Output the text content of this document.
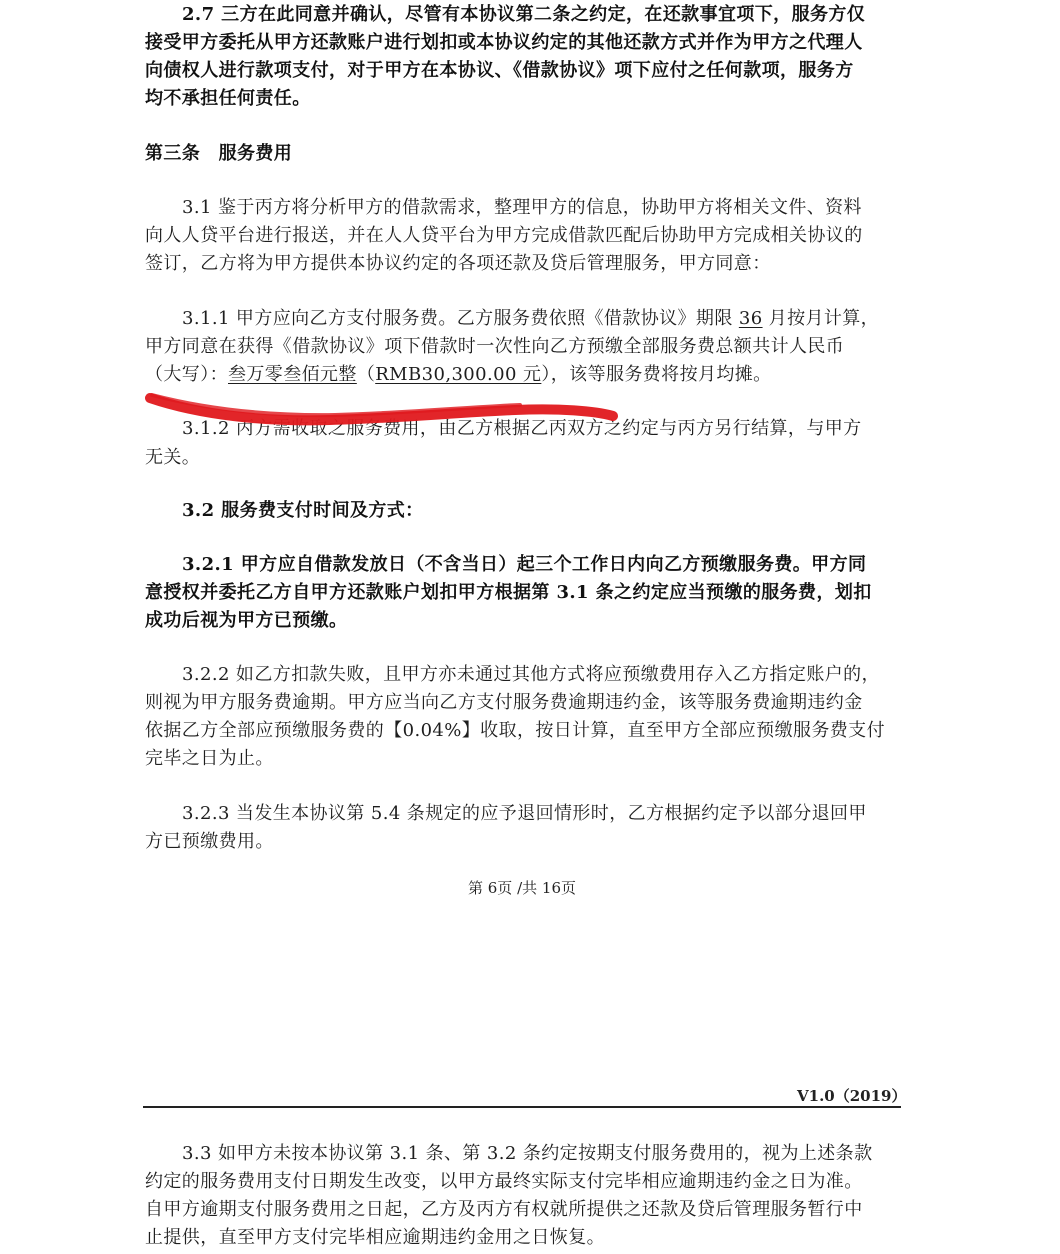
2.7 三方在此同意并确认，尽管有本协议第二条之约定，在还款事宜项下，服务方仅
接受甲方委托从甲方还款账户进行划扣或本协议约定的其他还款方式并作为甲方之代理人
向债权人进行款项支付，对于甲方在本协议、《借款协议》项下应付之任何款项，服务方
均不承担任何责任。
第三条　服务费用
3.1 鉴于丙方将分析甲方的借款需求，整理甲方的信息，协助甲方将相关文件、资料
向人人贷平台进行报送，并在人人贷平台为甲方完成借款匹配后协助甲方完成相关协议的
签订，乙方将为甲方提供本协议约定的各项还款及贷后管理服务，甲方同意：
3.1.1 甲方应向乙方支付服务费。乙方服务费依照《借款协议》期限 36 月按月计算，
甲方同意在获得《借款协议》项下借款时一次性向乙方预缴全部服务费总额共计人民币
（大写）：叁万零叁佰元整（RMB30,300.00 元），该等服务费将按月均摊。
3.1.2 丙方需收取之服务费用，由乙方根据乙丙双方之约定与丙方另行结算，与甲方
无关。
3.2 服务费支付时间及方式：
3.2.1 甲方应自借款发放日（不含当日）起三个工作日内向乙方预缴服务费。甲方同
意授权并委托乙方自甲方还款账户划扣甲方根据第 3.1 条之约定应当预缴的服务费，划扣
成功后视为甲方已预缴。
3.2.2 如乙方扣款失败，且甲方亦未通过其他方式将应预缴费用存入乙方指定账户的，
则视为甲方服务费逾期。甲方应当向乙方支付服务费逾期违约金，该等服务费逾期违约金
依据乙方全部应预缴服务费的【0.04%】收取，按日计算，直至甲方全部应预缴服务费支付
完毕之日为止。
3.2.3 当发生本协议第 5.4 条规定的应予退回情形时，乙方根据约定予以部分退回甲
方已预缴费用。
第 6页 /共 16页
V1.0（2019）
3.3 如甲方未按本协议第 3.1 条、第 3.2 条约定按期支付服务费用的，视为上述条款
约定的服务费用支付日期发生改变，以甲方最终实际支付完毕相应逾期违约金之日为准。
自甲方逾期支付服务费用之日起，乙方及丙方有权就所提供之还款及贷后管理服务暂行中
止提供，直至甲方支付完毕相应逾期违约金用之日恢复。
